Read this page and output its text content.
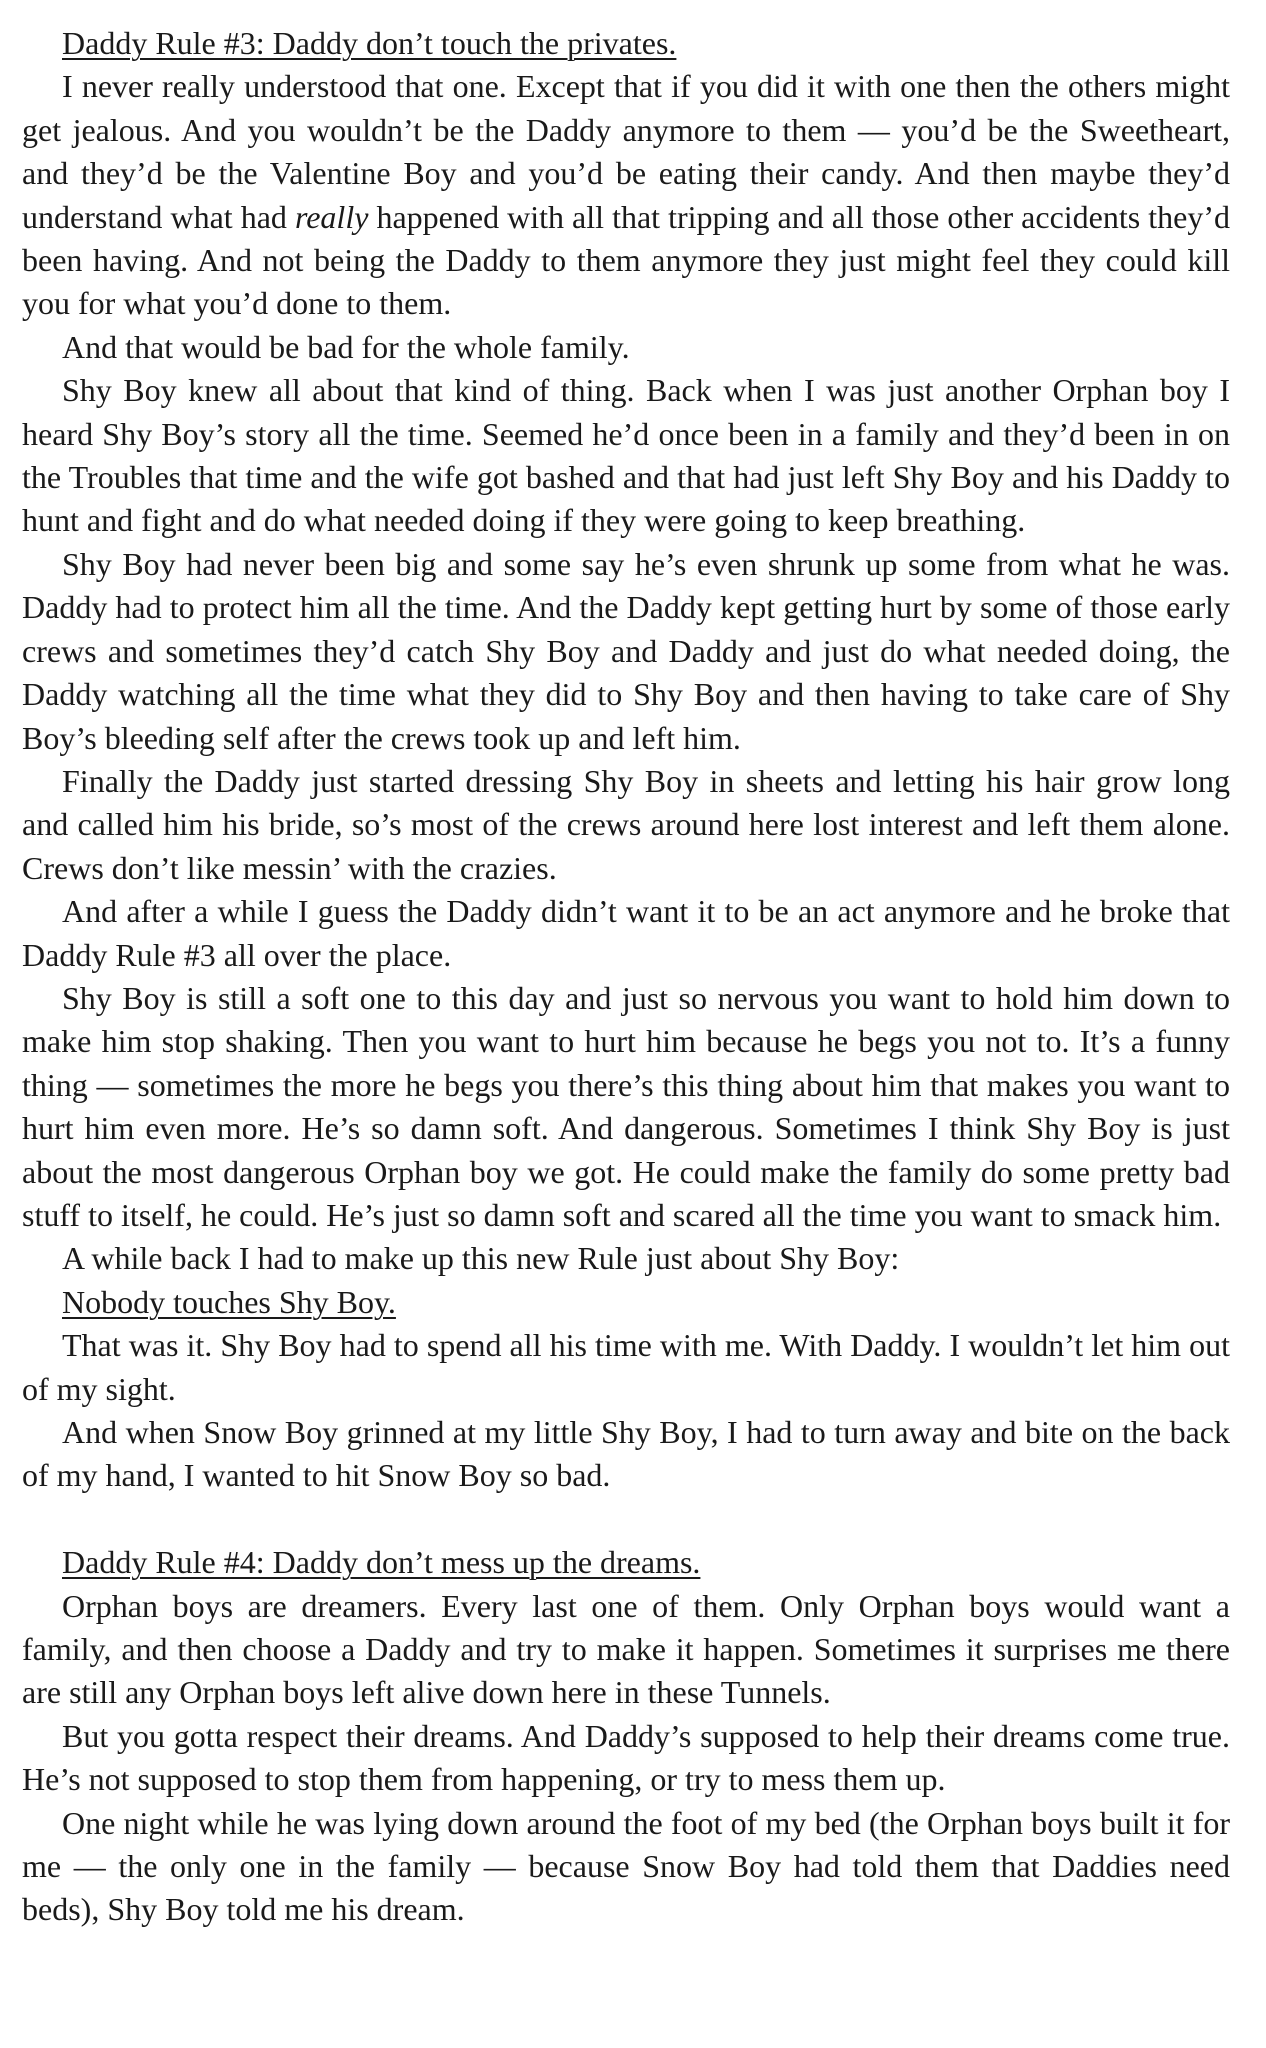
Daddy Rule #3: Daddy don’t touch the privates.

I never really understood that one. Except that if you did it with one then the others might get jealous. And you wouldn’t be the Daddy anymore to them — you’d be the Sweetheart, and they’d be the Valentine Boy and you’d be eating their candy. And then maybe they’d understand what had really happened with all that tripping and all those other accidents they’d been having. And not being the Daddy to them anymore they just might feel they could kill you for what you’d done to them.

And that would be bad for the whole family.

Shy Boy knew all about that kind of thing. Back when I was just another Orphan boy I heard Shy Boy’s story all the time. Seemed he’d once been in a family and they’d been in on the Troubles that time and the wife got bashed and that had just left Shy Boy and his Daddy to hunt and fight and do what needed doing if they were going to keep breathing.

Shy Boy had never been big and some say he’s even shrunk up some from what he was. Daddy had to protect him all the time. And the Daddy kept getting hurt by some of those early crews and sometimes they’d catch Shy Boy and Daddy and just do what needed doing, the Daddy watching all the time what they did to Shy Boy and then having to take care of Shy Boy’s bleeding self after the crews took up and left him.

Finally the Daddy just started dressing Shy Boy in sheets and letting his hair grow long and called him his bride, so’s most of the crews around here lost interest and left them alone. Crews don’t like messin’ with the crazies.

And after a while I guess the Daddy didn’t want it to be an act anymore and he broke that Daddy Rule #3 all over the place.

Shy Boy is still a soft one to this day and just so nervous you want to hold him down to make him stop shaking. Then you want to hurt him because he begs you not to. It’s a funny thing — sometimes the more he begs you there’s this thing about him that makes you want to hurt him even more. He’s so damn soft. And dangerous. Sometimes I think Shy Boy is just about the most dangerous Orphan boy we got. He could make the family do some pretty bad stuff to itself, he could. He’s just so damn soft and scared all the time you want to smack him.

A while back I had to make up this new Rule just about Shy Boy:

Nobody touches Shy Boy.

That was it. Shy Boy had to spend all his time with me. With Daddy. I wouldn’t let him out of my sight.

And when Snow Boy grinned at my little Shy Boy, I had to turn away and bite on the back of my hand, I wanted to hit Snow Boy so bad.

Daddy Rule #4: Daddy don’t mess up the dreams.

Orphan boys are dreamers. Every last one of them. Only Orphan boys would want a family, and then choose a Daddy and try to make it happen. Sometimes it surprises me there are still any Orphan boys left alive down here in these Tunnels.

But you gotta respect their dreams. And Daddy’s supposed to help their dreams come true. He’s not supposed to stop them from happening, or try to mess them up.

One night while he was lying down around the foot of my bed (the Orphan boys built it for me — the only one in the family — because Snow Boy had told them that Daddies need beds), Shy Boy told me his dream.
